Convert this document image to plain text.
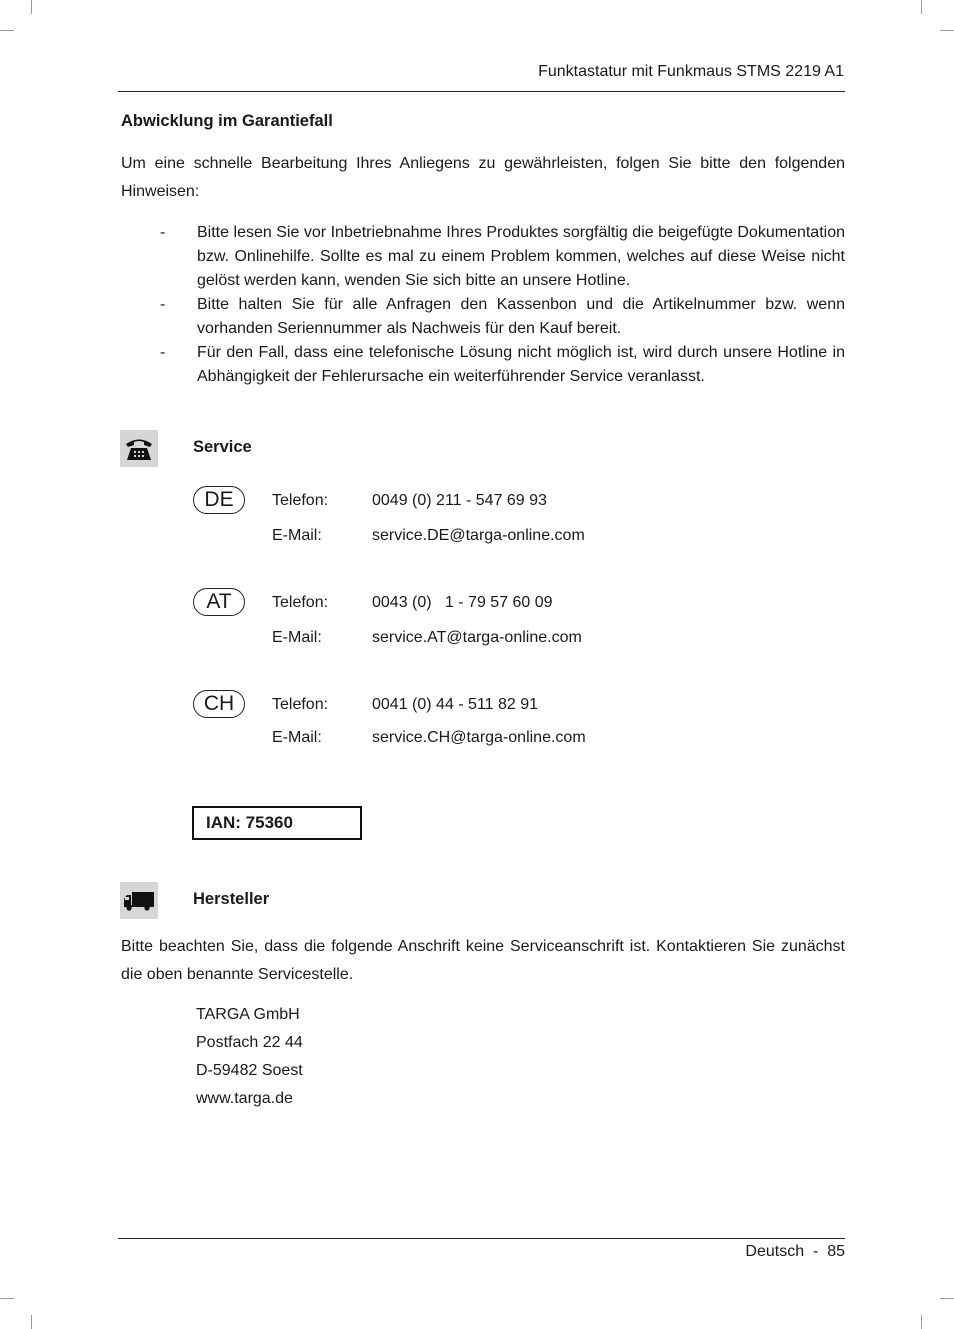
Funktastatur mit Funkmaus STMS 2219 A1
Abwicklung im Garantiefall
Um eine schnelle Bearbeitung Ihres Anliegens zu gewährleisten, folgen Sie bitte den folgenden Hinweisen:
- Bitte lesen Sie vor Inbetriebnahme Ihres Produktes sorgfältig die beigefügte Dokumentation bzw. Onlinehilfe. Sollte es mal zu einem Problem kommen, welches auf diese Weise nicht gelöst werden kann, wenden Sie sich bitte an unsere Hotline.
- Bitte halten Sie für alle Anfragen den Kassenbon und die Artikelnummer bzw. wenn vorhanden Seriennummer als Nachweis für den Kauf bereit.
- Für den Fall, dass eine telefonische Lösung nicht möglich ist, wird durch unsere Hotline in Abhängigkeit der Fehlerursache ein weiterführender Service veranlasst.
Service
DE	Telefon:	0049 (0) 211 - 547 69 93
E-Mail:	service.DE@targa-online.com
AT	Telefon:	0043 (0)   1 - 79 57 60 09
E-Mail:	service.AT@targa-online.com
CH	Telefon:	0041 (0) 44 - 511 82 91
E-Mail:	service.CH@targa-online.com
IAN: 75360
Hersteller
Bitte beachten Sie, dass die folgende Anschrift keine Serviceanschrift ist. Kontaktieren Sie zunächst die oben benannte Servicestelle.
TARGA GmbH
Postfach 22 44
D-59482 Soest
www.targa.de
Deutsch - 85
